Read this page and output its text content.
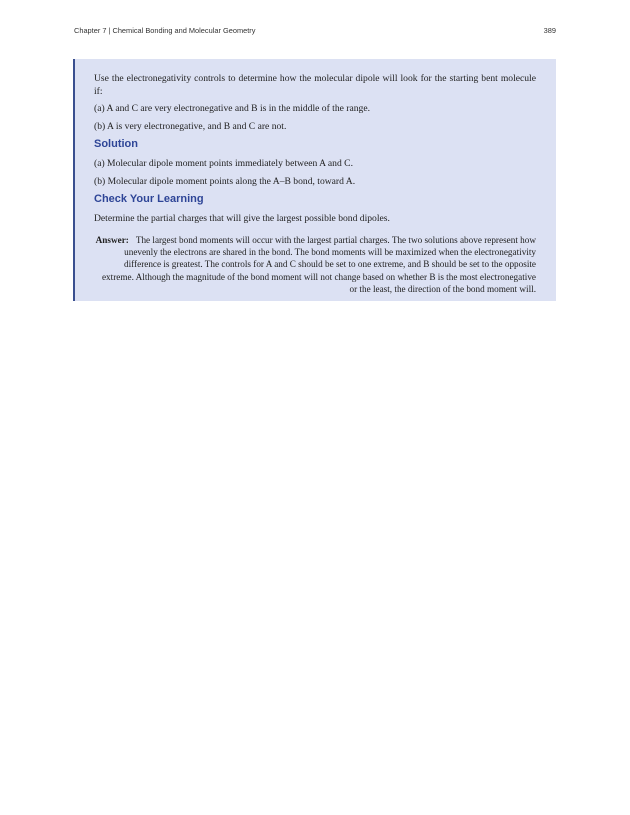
Chapter 7 | Chemical Bonding and Molecular Geometry	389

Use the electronegativity controls to determine how the molecular dipole will look for the starting bent molecule if:

(a) A and C are very electronegative and B is in the middle of the range.

(b) A is very electronegative, and B and C are not.

Solution

(a) Molecular dipole moment points immediately between A and C.

(b) Molecular dipole moment points along the A–B bond, toward A.

Check Your Learning

Determine the partial charges that will give the largest possible bond dipoles.

Answer: The largest bond moments will occur with the largest partial charges. The two solutions above represent how unevenly the electrons are shared in the bond. The bond moments will be maximized when the electronegativity difference is greatest. The controls for A and C should be set to one extreme, and B should be set to the opposite extreme. Although the magnitude of the bond moment will not change based on whether B is the most electronegative or the least, the direction of the bond moment will.
